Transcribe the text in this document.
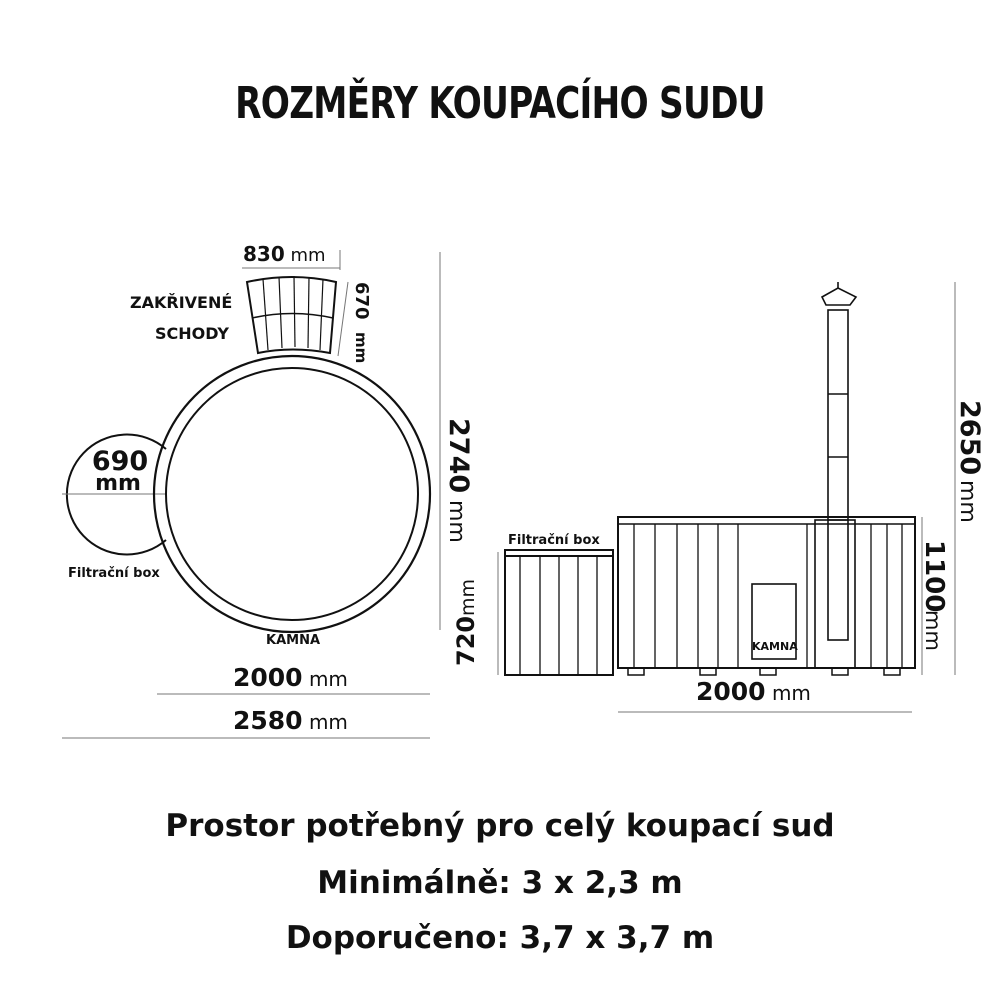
ROZMĚRY KOUPACÍHO SUDU
830 mm
670
mm
ZAKŘIVENÉ
SCHODY
690
mm
Filtrační box
KAMNA
2740
mm
2000 mm
2580 mm
Filtrační box
720
mm
KAMNA
1100
mm
2650
mm
2000 mm

Prostor potřebný pro celý koupací sud

Minimálně: 3 x 2,3 m

Doporučeno: 3,7 x 3,7 m
